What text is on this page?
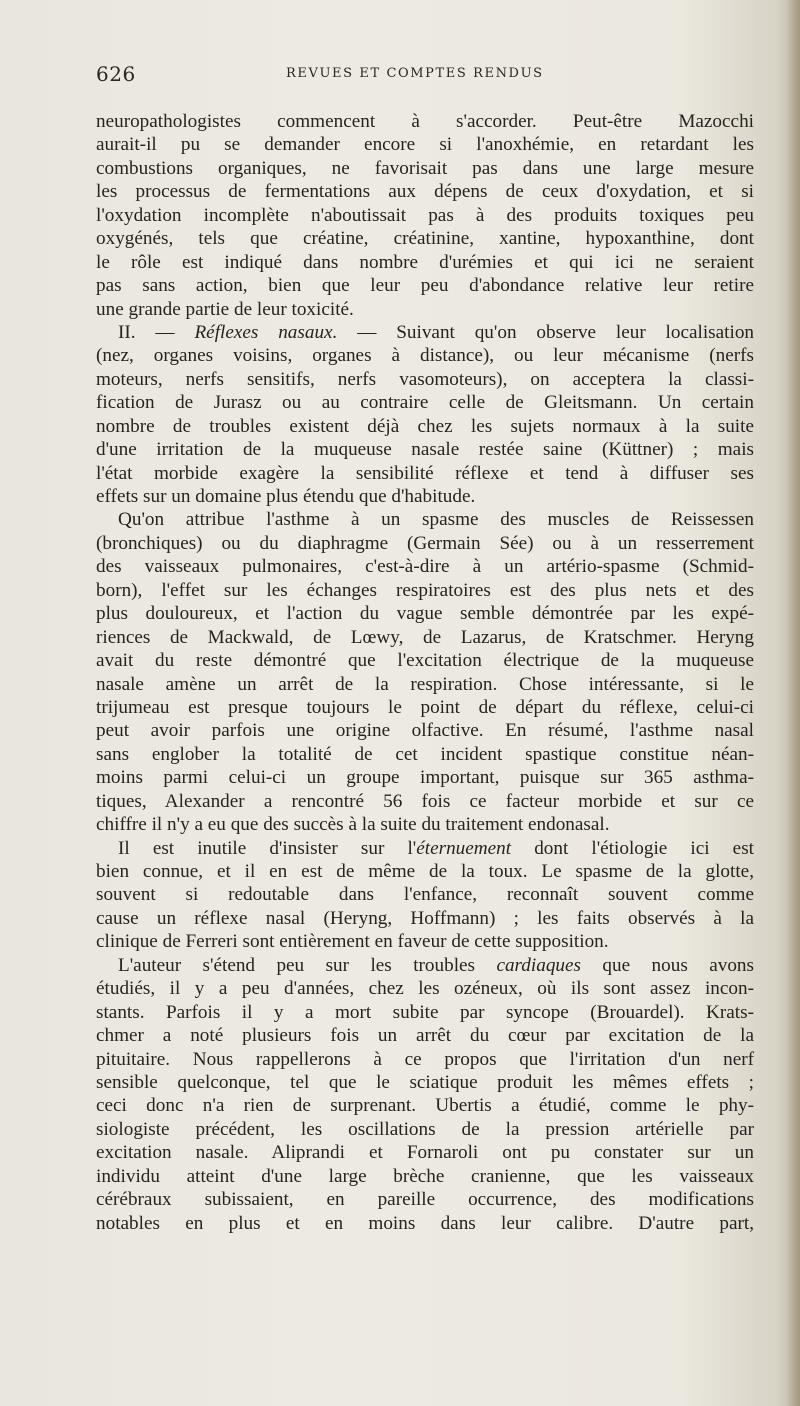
626	REVUES ET COMPTES RENDUS
neuropathologistes commencent à s'accorder. Peut-être Mazocchi
aurait-il pu se demander encore si l'anoxhémie, en retardant les
combustions organiques, ne favorisait pas dans une large mesure
les processus de fermentations aux dépens de ceux d'oxydation, et si
l'oxydation incomplète n'aboutissait pas à des produits toxiques peu
oxygénés, tels que créatine, créatinine, xantine, hypoxanthine, dont
le rôle est indiqué dans nombre d'urémies et qui ici ne seraient
pas sans action, bien que leur peu d'abondance relative leur retire
une grande partie de leur toxicité.
II. — Réflexes nasaux. — Suivant qu'on observe leur localisation
(nez, organes voisins, organes à distance), ou leur mécanisme (nerfs
moteurs, nerfs sensitifs, nerfs vasomoteurs), on acceptera la classi-
fication de Jurasz ou au contraire celle de Gleitsmann. Un certain
nombre de troubles existent déjà chez les sujets normaux à la suite
d'une irritation de la muqueuse nasale restée saine (Küttner) ; mais
l'état morbide exagère la sensibilité réflexe et tend à diffuser ses
effets sur un domaine plus étendu que d'habitude.
Qu'on attribue l'asthme à un spasme des muscles de Reissessen
(bronchiques) ou du diaphragme (Germain Sée) ou à un resserrement
des vaisseaux pulmonaires, c'est-à-dire à un artério-spasme (Schmid-
born), l'effet sur les échanges respiratoires est des plus nets et des
plus douloureux, et l'action du vague semble démontrée par les expé-
riences de Mackwald, de Lœwy, de Lazarus, de Kratschmer. Heryng
avait du reste démontré que l'excitation électrique de la muqueuse
nasale amène un arrêt de la respiration. Chose intéressante, si le
trijumeau est presque toujours le point de départ du réflexe, celui-ci
peut avoir parfois une origine olfactive. En résumé, l'asthme nasal
sans englober la totalité de cet incident spastique constitue néan-
moins parmi celui-ci un groupe important, puisque sur 365 asthma-
tiques, Alexander a rencontré 56 fois ce facteur morbide et sur ce
chiffre il n'y a eu que des succès à la suite du traitement endonasal.
Il est inutile d'insister sur l'éternuement dont l'étiologie ici est
bien connue, et il en est de même de la toux. Le spasme de la glotte,
souvent si redoutable dans l'enfance, reconnaît souvent comme
cause un réflexe nasal (Heryng, Hoffmann) ; les faits observés à la
clinique de Ferreri sont entièrement en faveur de cette supposition.
L'auteur s'étend peu sur les troubles cardiaques que nous avons
étudiés, il y a peu d'années, chez les ozéneux, où ils sont assez incon-
stants. Parfois il y a mort subite par syncope (Brouardel). Krats-
chmer a noté plusieurs fois un arrêt du cœur par excitation de la
pituitaire. Nous rappellerons à ce propos que l'irritation d'un nerf
sensible quelconque, tel que le sciatique produit les mêmes effets ;
ceci donc n'a rien de surprenant. Ubertis a étudié, comme le phy-
siologiste précédent, les oscillations de la pression artérielle par
excitation nasale. Aliprandi et Fornaroli ont pu constater sur un
individu atteint d'une large brèche cranienne, que les vaisseaux
cérébraux subissaient, en pareille occurrence, des modifications
notables en plus et en moins dans leur calibre. D'autre part,
